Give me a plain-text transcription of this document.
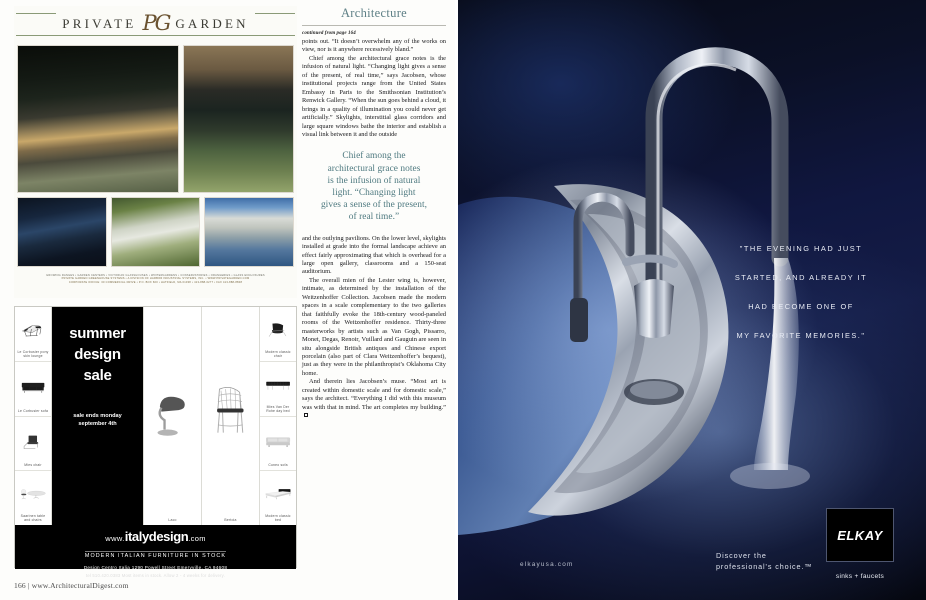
PRIVATE PG GARDEN
GROWING RANGES • GARDEN CENTERS • VICTORIAN GLASSHOUSES • WINTERGARDENS • CONSERVATORIES • ORANGERIES • GLASS ENCLOSURES
PRIVATE GARDEN GREENHOUSE SYSTEMS • A DIVISION OF HARBOR INDUSTRIAL SYSTEMS, INC. • WWW.PRIVATEGARDEN.COM
CORPORATE OFFICE: 30 COMMERCIAL DRIVE • P.O. BOX 600 • HATFIELD, MA 01038 • 413-888-0277 • FAX 413-888-8808
Le Corbusier pony skin lounge
Le Corbusier sofa
Mies chair
Saarinen table and chairs
summer
design
sale
sale ends monday
september 4th
Laco	Bertoia
Modern classic chair
Mies Van Der Rohe day bed
Cuneo sofa
Modern classic bed
www.italydesign.com
MODERN ITALIAN FURNITURE IN STOCK
Design Centro Italia 1290 Powell Street Emeryville, CA 94608
tel 510.420.0383 Most items in stock. Allow 2 - 4 weeks for delivery.
166 | www.ArchitecturalDigest.com
Architecture
continued from page 164
points out. “It doesn’t overwhelm any of the works on view, nor is it anywhere recessively bland.”
Chief among the architectural grace notes is the infusion of natural light. “Changing light gives a sense of the present, of real time,” says Jacobsen, whose institutional projects range from the United States Embassy in Paris to the Smithsonian Institution’s Renwick Gallery. “When the sun goes behind a cloud, it brings in a quality of illumination you could never get artificially.” Skylights, interstitial glass corridors and large square windows bathe the interior and establish a visual link between it and the outside
Chief among the
architectural grace notes
is the infusion of natural
light. “Changing light
gives a sense of the present,
of real time.”
and the outlying pavilions. On the lower level, skylights installed at grade into the formal landscape achieve an effect fairly approximating that which is overhead for a large open gallery, classrooms and a 150-seat auditorium.
The overall mien of the Lester wing is, however, intimate, as determined by the installation of the Weitzenhoffer Collection. Jacobsen made the modern spaces in a scale complementary to the two galleries that faithfully evoke the 18th-century wood-paneled rooms of the Weitzenhoffer residence. Thirty-three masterworks by artists such as Van Gogh, Pissarro, Monet, Degas, Renoir, Vuillard and Gauguin are seen in situ alongside British antiques and Chinese export porcelain (also part of Clara Weitzenhoffer’s bequest), just as they were in the philanthropist’s Oklahoma City home.
And therein lies Jacobsen’s muse. “Most art is created within domestic scale and for domestic scale,” says the architect. “Everything I did with this museum was with that in mind. The art completes my building.”
"THE EVENING HAD JUST
STARTED, AND ALREADY IT
HAD BECOME ONE OF
MY FAVORITE MEMORIES."
elkayusa.com
Discover the
professional's choice.™
ELKAY
sinks + faucets
